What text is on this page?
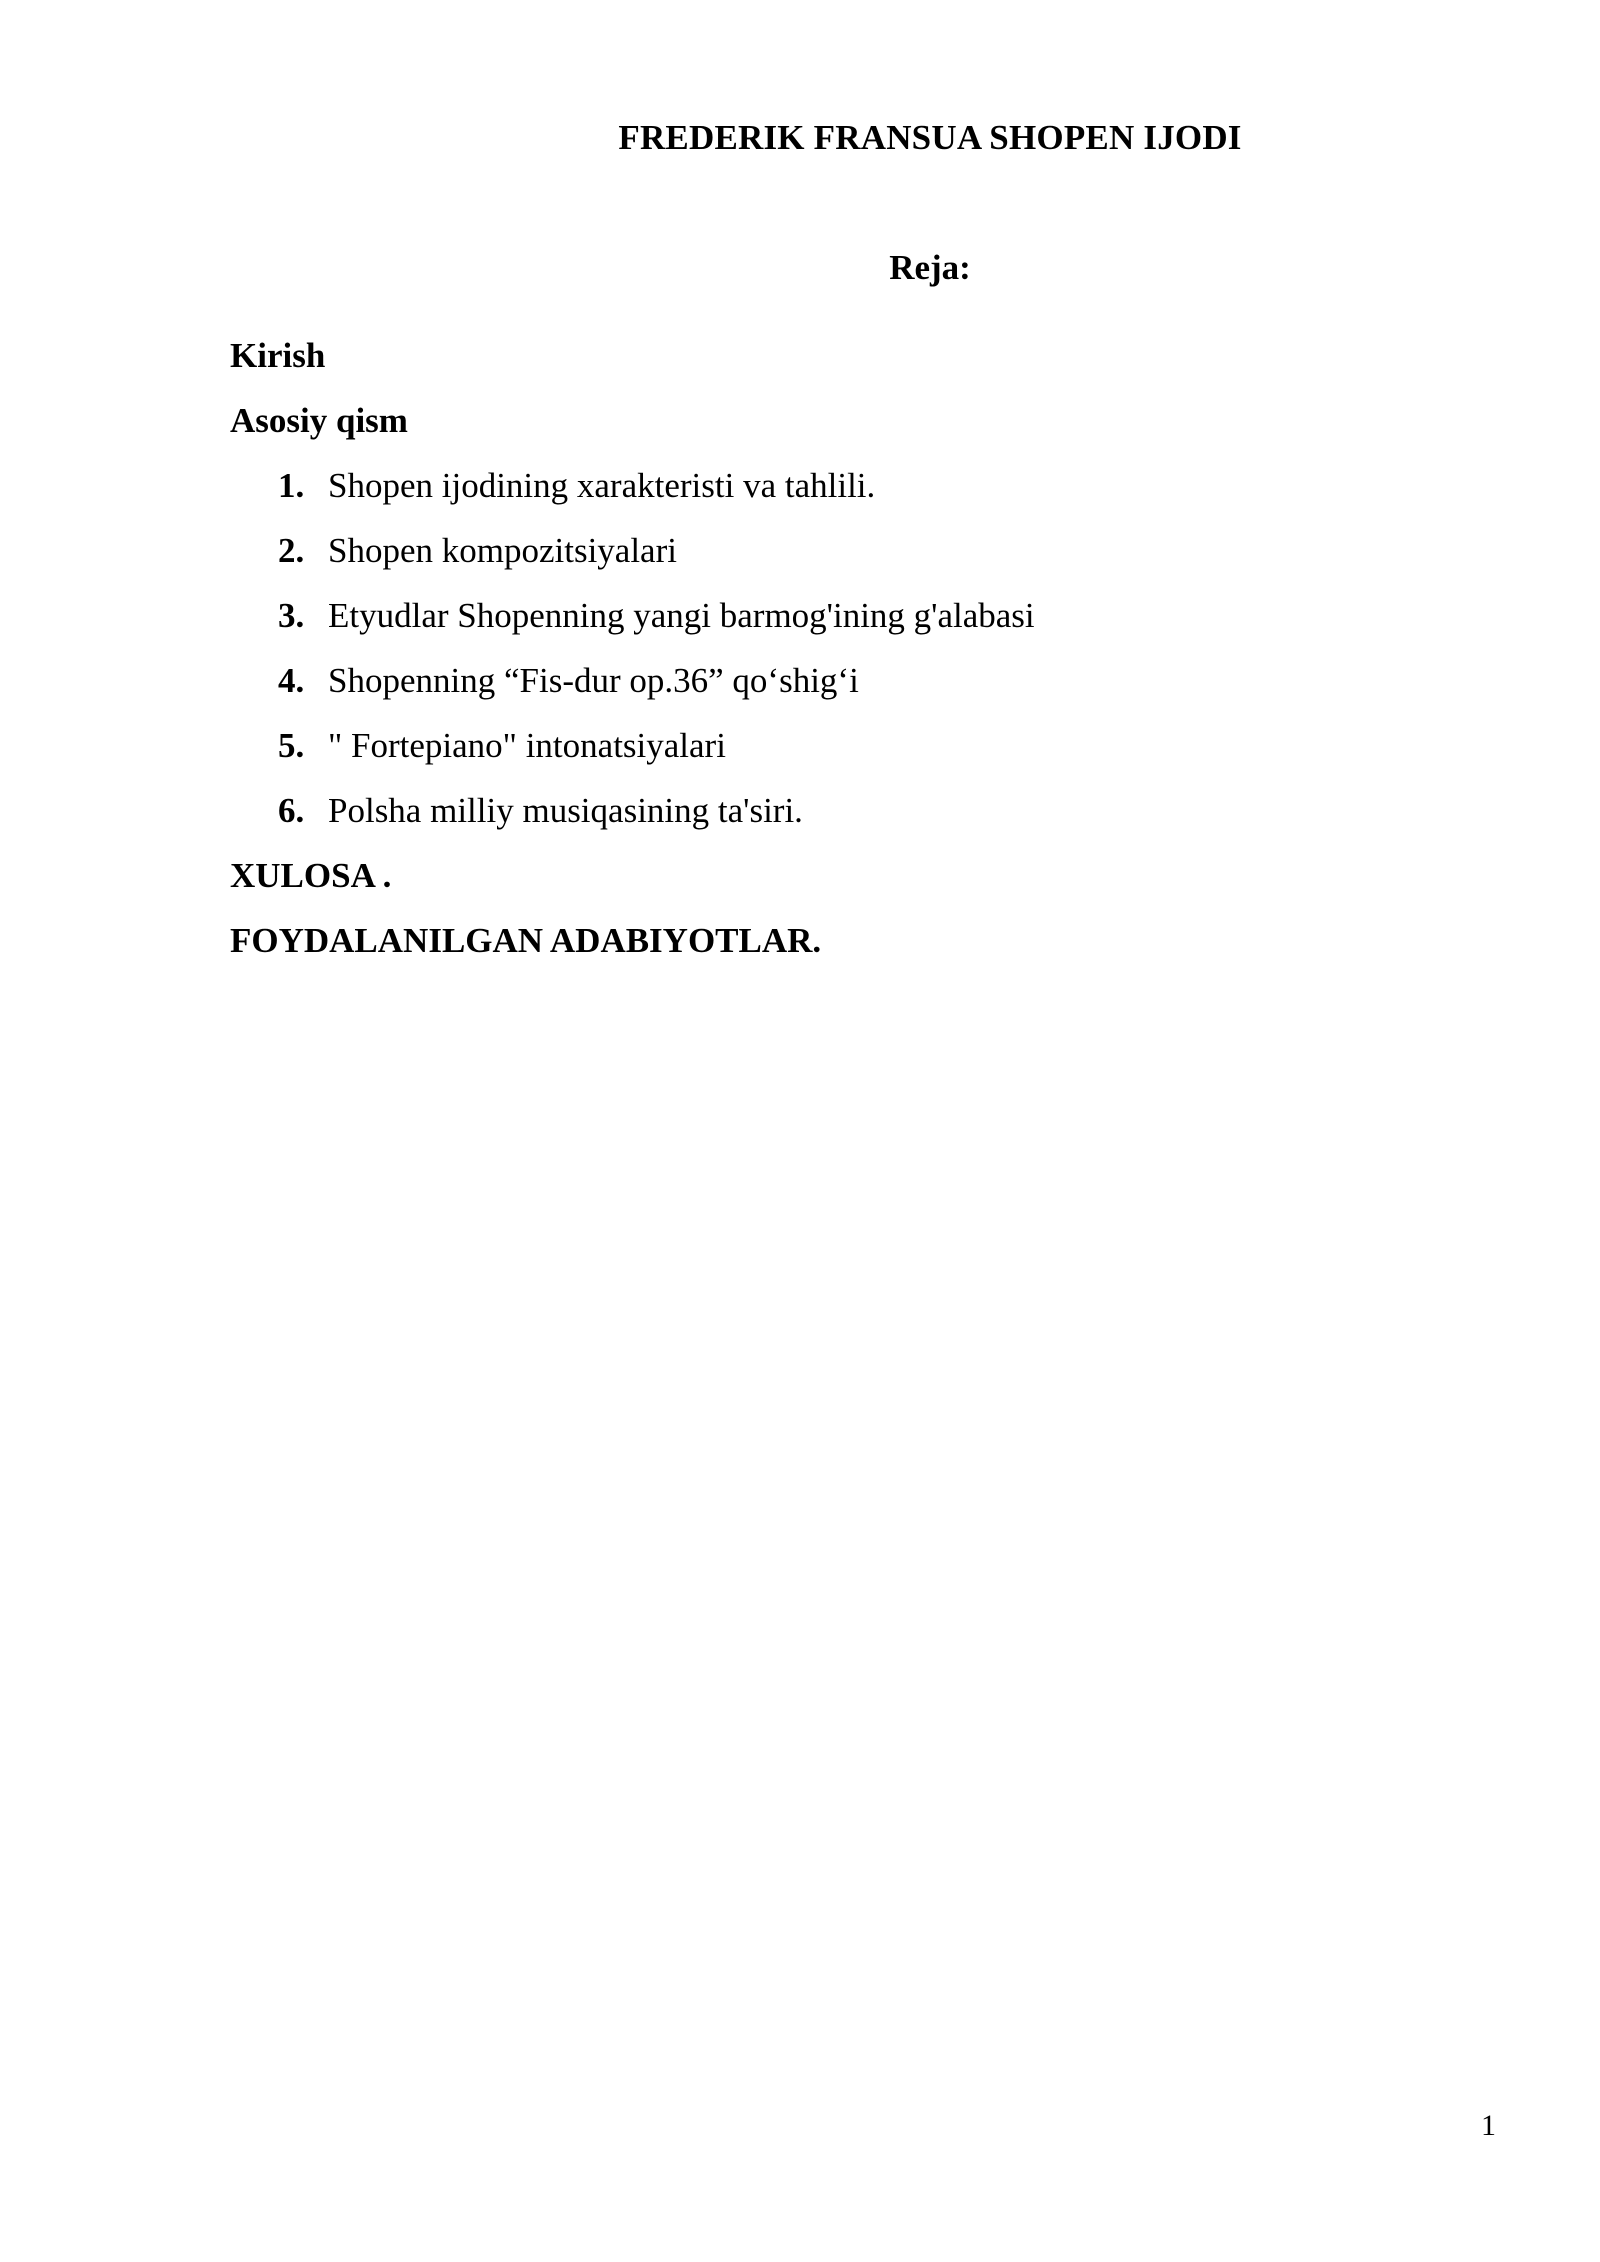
FREDERIK FRANSUA SHOPEN IJODI
Reja:
Kirish
Asosiy qism
1. Shopen ijodining xarakteristi va tahlili.
2. Shopen kompozitsiyalari
3. Etyudlar Shopenning yangi barmog'ining g'alabasi
4. Shopenning “Fis-dur op.36” qo‘shig‘i
5. " Fortepiano" intonatsiyalari
6. Polsha milliy musiqasining ta'siri.
XULOSA .
FOYDALANILGAN ADABIYOTLAR.
1
